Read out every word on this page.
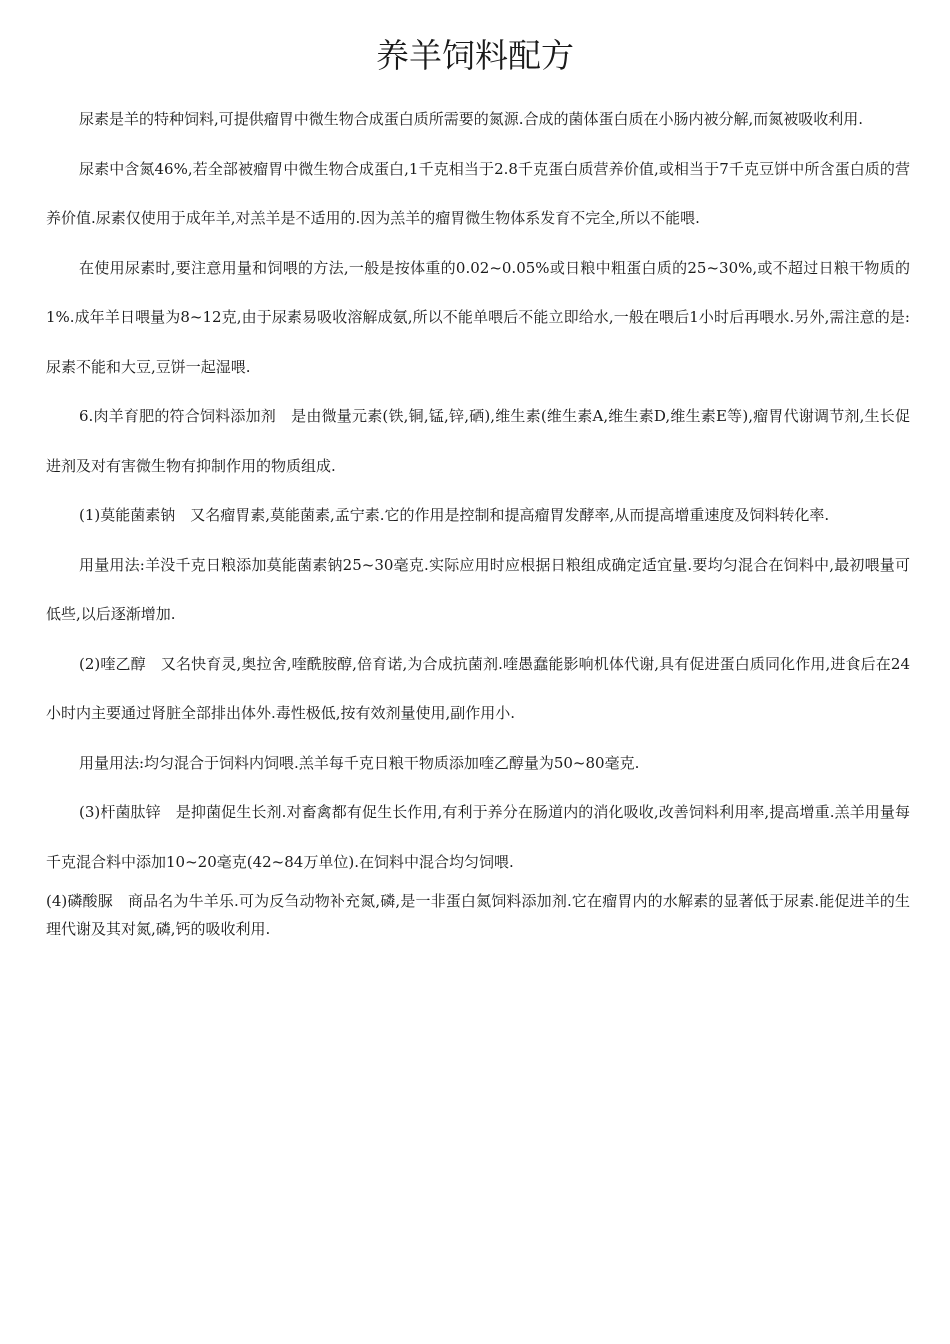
养羊饲料配方

尿素是羊的特种饲料,可提供瘤胃中微生物合成蛋白质所需要的氮源.合成的菌体蛋白质在小肠内被分解,而氮被吸收利用.

尿素中含氮46%,若全部被瘤胃中微生物合成蛋白,1千克相当于2.8千克蛋白质营养价值,或相当于7千克豆饼中所含蛋白质的营养价值.尿素仅使用于成年羊,对羔羊是不适用的.因为羔羊的瘤胃微生物体系发育不完全,所以不能喂.

在使用尿素时,要注意用量和饲喂的方法,一般是按体重的0.02~0.05%或日粮中粗蛋白质的25~30%,或不超过日粮干物质的1%.成年羊日喂量为8~12克,由于尿素易吸收溶解成氨,所以不能单喂后不能立即给水,一般在喂后1小时后再喂水.另外,需注意的是:尿素不能和大豆,豆饼一起湿喂.

6.肉羊育肥的符合饲料添加剂　是由微量元素(铁,铜,锰,锌,硒),维生素(维生素A,维生素D,维生素E等),瘤胃代谢调节剂,生长促进剂及对有害微生物有抑制作用的物质组成.

(1)莫能菌素钠　又名瘤胃素,莫能菌素,孟宁素.它的作用是控制和提高瘤胃发酵率,从而提高增重速度及饲料转化率.

用量用法:羊没千克日粮添加莫能菌素钠25~30毫克.实际应用时应根据日粮组成确定适宜量.要均匀混合在饲料中,最初喂量可低些,以后逐渐增加.

(2)喹乙醇　又名快育灵,奥拉舍,喹酰胺醇,倍育诺,为合成抗菌剂.喹愚蠢能影响机体代谢,具有促进蛋白质同化作用,进食后在24小时内主要通过肾脏全部排出体外.毒性极低,按有效剂量使用,副作用小.

用量用法:均匀混合于饲料内饲喂.羔羊每千克日粮干物质添加喹乙醇量为50~80毫克.

(3)杆菌肽锌　是抑菌促生长剂.对畜禽都有促生长作用,有利于养分在肠道内的消化吸收,改善饲料利用率,提高增重.羔羊用量每千克混合料中添加10~20毫克(42~84万单位).在饲料中混合均匀饲喂.

(4)磷酸脲　商品名为牛羊乐.可为反刍动物补充氮,磷,是一非蛋白氮饲料添加剂.它在瘤胃内的水解素的显著低于尿素.能促进羊的生理代谢及其对氮,磷,钙的吸收利用.
